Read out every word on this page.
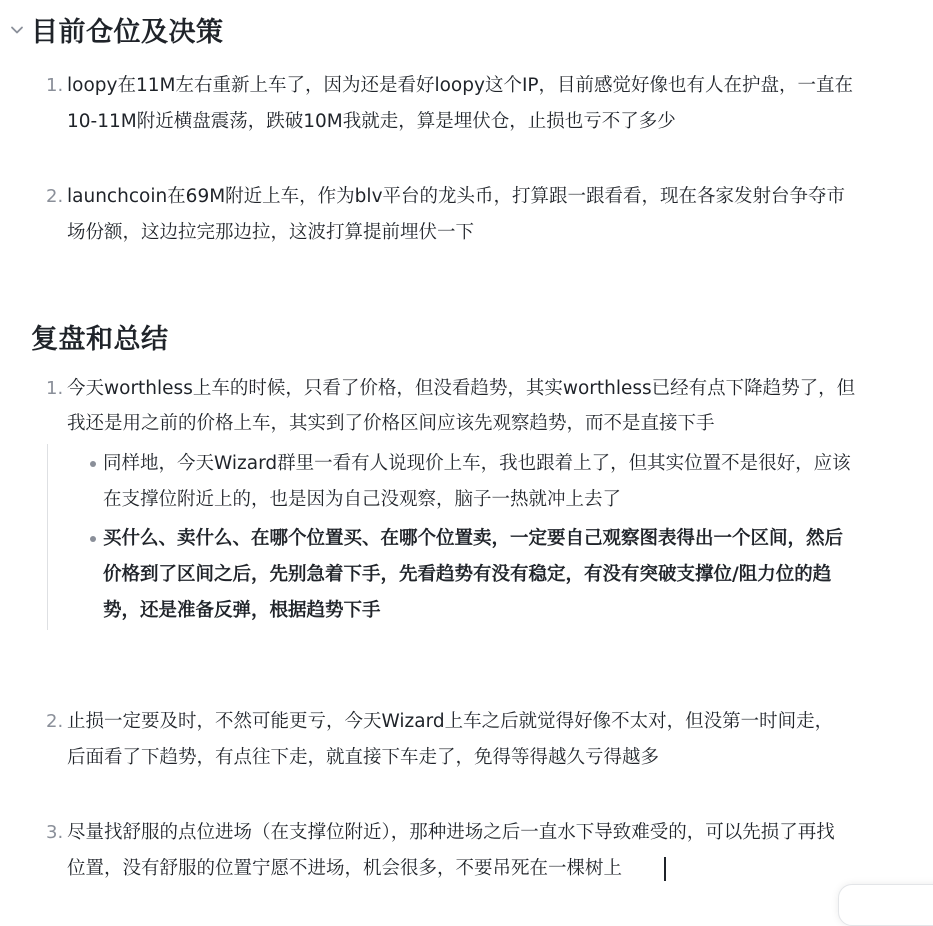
目前仓位及决策
1. loopy在11M左右重新上车了，因为还是看好loopy这个IP，目前感觉好像也有人在护盘，一直在
10-11M附近横盘震荡，跌破10M我就走，算是埋伏仓，止损也亏不了多少
2. launchcoin在69M附近上车，作为blv平台的龙头币，打算跟一跟看看，现在各家发射台争夺市
场份额，这边拉完那边拉，这波打算提前埋伏一下
复盘和总结
1. 今天worthless上车的时候，只看了价格，但没看趋势，其实worthless已经有点下降趋势了，但
我还是用之前的价格上车，其实到了价格区间应该先观察趋势，而不是直接下手
同样地，今天Wizard群里一看有人说现价上车，我也跟着上了，但其实位置不是很好，应该
在支撑位附近上的，也是因为自己没观察，脑子一热就冲上去了
买什么、卖什么、在哪个位置买、在哪个位置卖，一定要自己观察图表得出一个区间，然后
价格到了区间之后，先别急着下手，先看趋势有没有稳定，有没有突破支撑位/阻力位的趋
势，还是准备反弹，根据趋势下手
2. 止损一定要及时，不然可能更亏，今天Wizard上车之后就觉得好像不太对，但没第一时间走，
后面看了下趋势，有点往下走，就直接下车走了，免得等得越久亏得越多
3. 尽量找舒服的点位进场（在支撑位附近），那种进场之后一直水下导致难受的，可以先损了再找
位置，没有舒服的位置宁愿不进场，机会很多，不要吊死在一棵树上
